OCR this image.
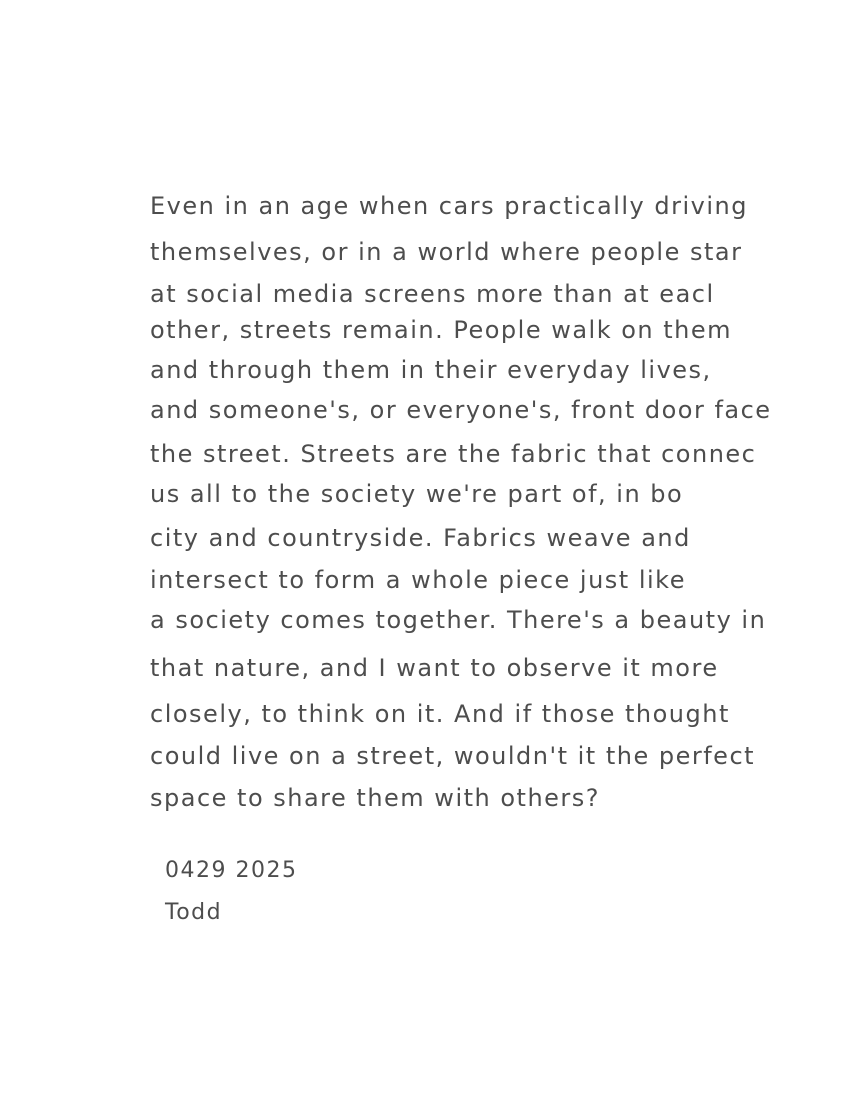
Even in an age when cars practically driving

themselves, or in a world where people star

at social media screens more than at eacl

other, streets remain. People walk on them

and through them in their everyday lives,

and someone's, or everyone's, front door face

the street. Streets are the fabric that connec

us all to the society we're part of, in bo

city and countryside. Fabrics weave and

intersect to form a whole piece just like

a society comes together. There's a beauty in

that nature, and I want to observe it more

closely, to think on it. And if those thought

could live on a street, wouldn't it the perfect

space to share them with others?

0429 2025

Todd
